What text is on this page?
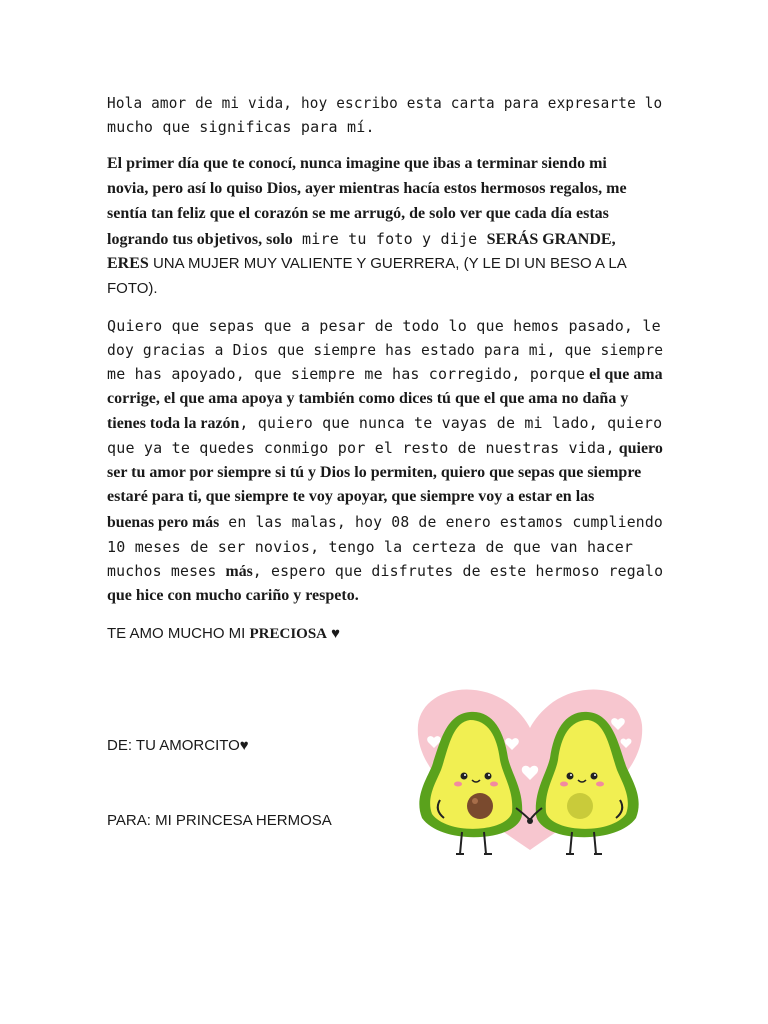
Hola amor de mi vida, hoy escribo esta carta para expresarte lo
mucho que significas para mí.
El primer día que te conocí, nunca imagine que ibas a terminar siendo mi
novia, pero así lo quiso Dios, ayer mientras hacía estos hermosos regalos, me
sentía tan feliz que el corazón se me arrugó, de solo ver que cada día estas
logrando tus objetivos, solo mire tu foto y dije SERÁS GRANDE,
ERES UNA MUJER MUY VALIENTE Y GUERRERA, (Y LE DI UN BESO A LA
FOTO).
Quiero que sepas que a pesar de todo lo que hemos pasado, le
doy gracias a Dios que siempre has estado para mi, que siempre
me has apoyado, que siempre me has corregido, porque el que ama
corrige, el que ama apoya y también como dices tú que el que ama no daña y
tienes toda la razón, quiero que nunca te vayas de mi lado, quiero
que ya te quedes conmigo por el resto de nuestras vida, quiero
ser tu amor por siempre si tú y Dios lo permiten, quiero que sepas que siempre
estaré para ti, que siempre te voy apoyar, que siempre voy a estar en las
buenas pero más en las malas, hoy 08 de enero estamos cumpliendo
10 meses de ser novios, tengo la certeza de que van hacer
muchos meses más, espero que disfrutes de este hermoso regalo
que hice con mucho cariño y respeto.
TE AMO MUCHO MI PRECIOSA ♥
DE: TU AMORCITO♥
PARA: MI PRINCESA HERMOSA
